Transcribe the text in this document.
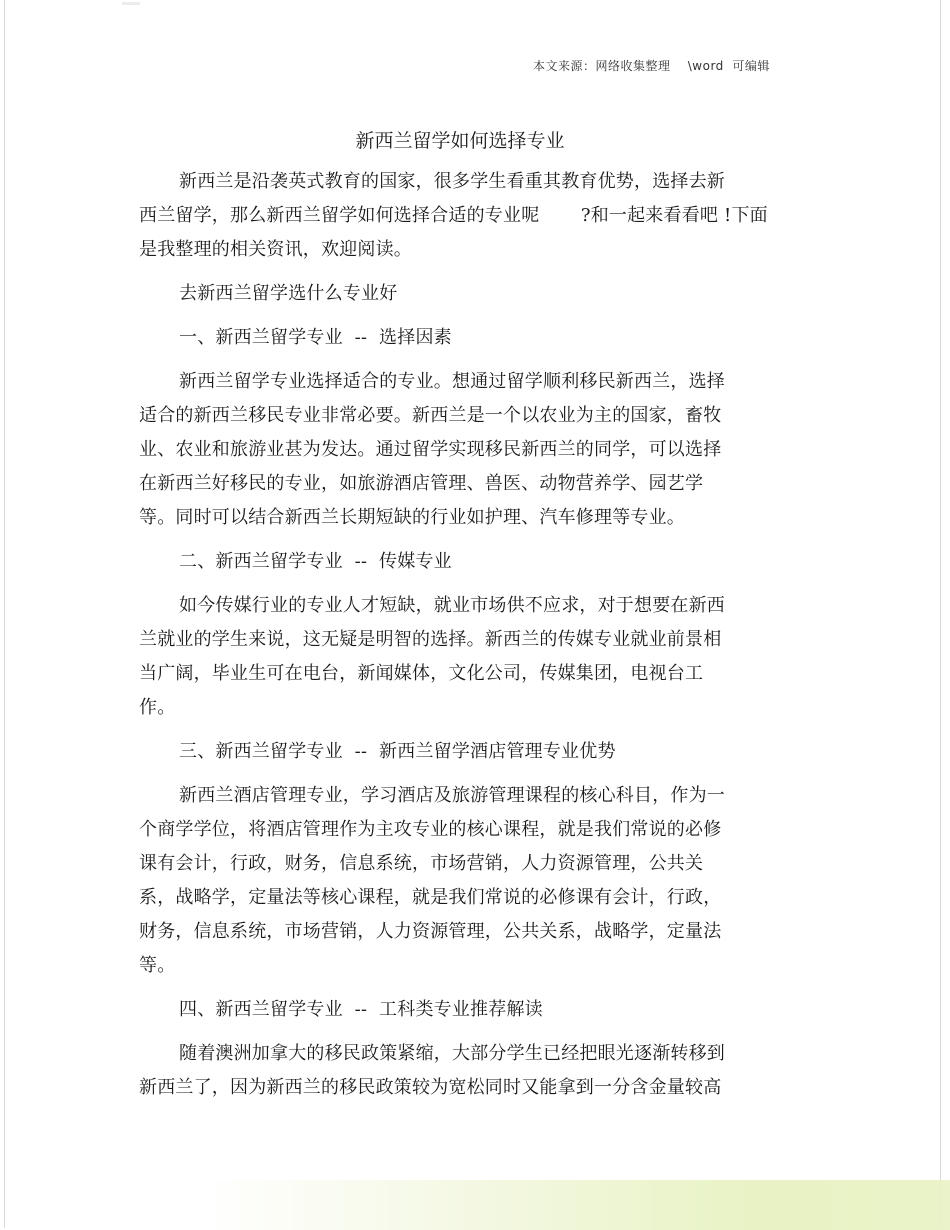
本文来源：网络收集整理    \word  可编辑
新西兰留学如何选择专业
新西兰是沿袭英式教育的国家，很多学生看重其教育优势，选择去新
西兰留学，那么新西兰留学如何选择合适的专业呢       ?和一起来看看吧 !下面
是我整理的相关资讯，欢迎阅读。
去新西兰留学选什么专业好
一、新西兰留学专业  --  选择因素
新西兰留学专业选择适合的专业。想通过留学顺利移民新西兰，选择
适合的新西兰移民专业非常必要。新西兰是一个以农业为主的国家，畜牧
业、农业和旅游业甚为发达。通过留学实现移民新西兰的同学，可以选择
在新西兰好移民的专业，如旅游酒店管理、兽医、动物营养学、园艺学
等。同时可以结合新西兰长期短缺的行业如护理、汽车修理等专业。
二、新西兰留学专业  --  传媒专业
如今传媒行业的专业人才短缺，就业市场供不应求，对于想要在新西
兰就业的学生来说，这无疑是明智的选择。新西兰的传媒专业就业前景相
当广阔，毕业生可在电台，新闻媒体，文化公司，传媒集团，电视台工
作。
三、新西兰留学专业  --  新西兰留学酒店管理专业优势
新西兰酒店管理专业，学习酒店及旅游管理课程的核心科目，作为一
个商学学位，将酒店管理作为主攻专业的核心课程，就是我们常说的必修
课有会计，行政，财务，信息系统，市场营销，人力资源管理，公共关
系，战略学，定量法等核心课程，就是我们常说的必修课有会计，行政，
财务，信息系统，市场营销，人力资源管理，公共关系，战略学，定量法
等。
四、新西兰留学专业  --  工科类专业推荐解读
随着澳洲加拿大的移民政策紧缩，大部分学生已经把眼光逐渐转移到
新西兰了，因为新西兰的移民政策较为宽松同时又能拿到一分含金量较高
